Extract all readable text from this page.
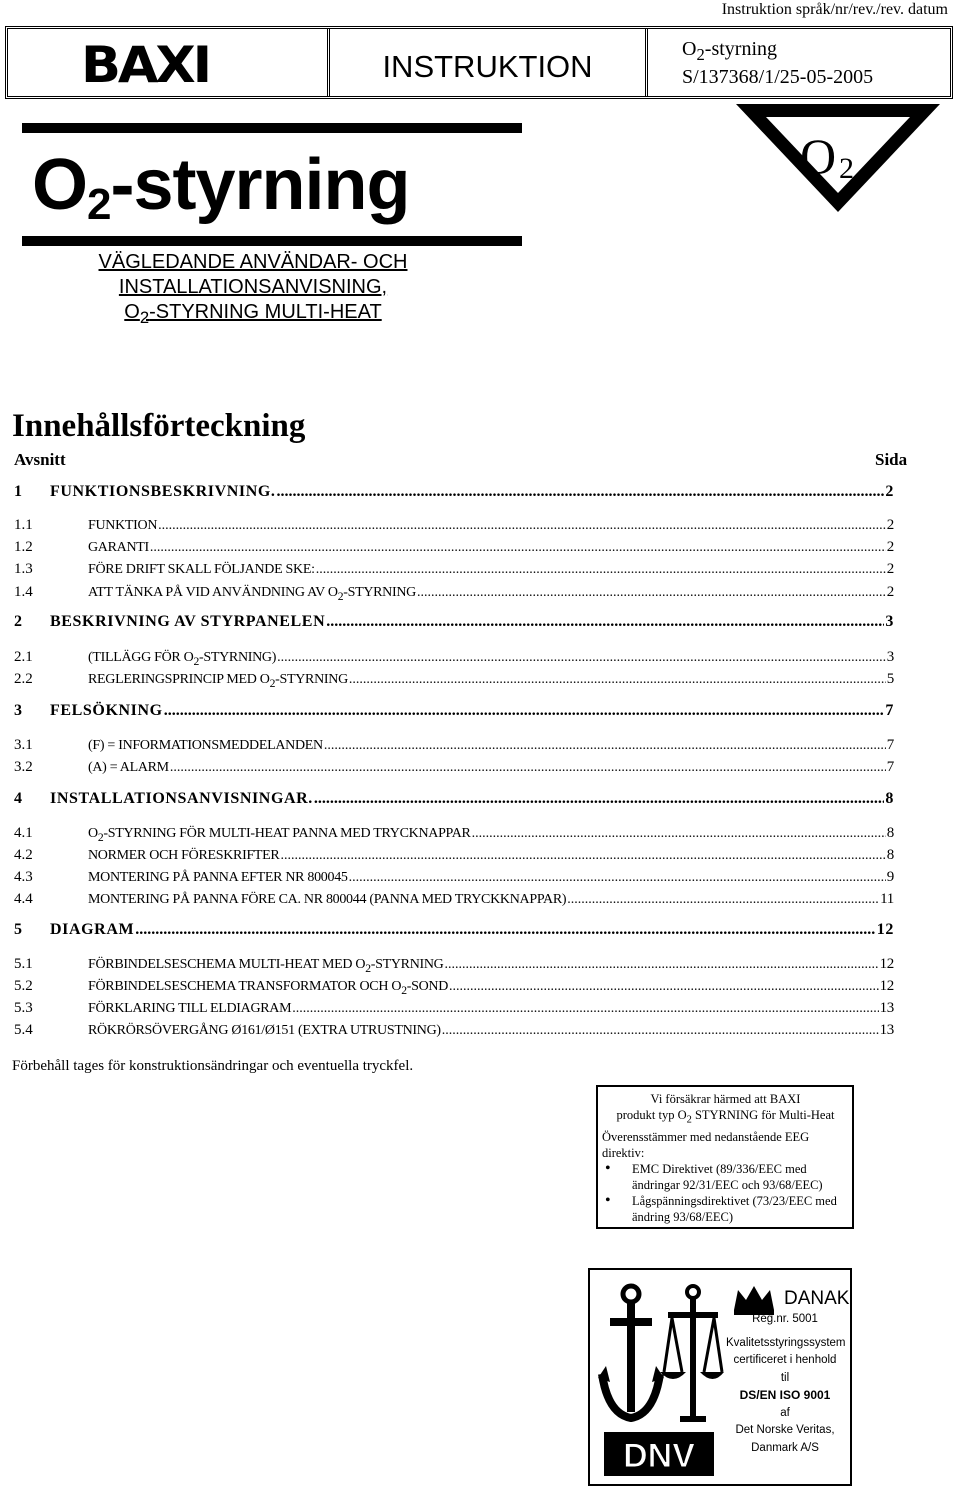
Instruktion språk/nr/rev./rev. datum
BAXI	INSTRUKTION	$O_2$-styrning
S/137368/1/25-05-2005
$O_2$-styrning
VÄGLEDANDE ANVÄNDAR- OCH
INSTALLATIONSANVISNING,
$O_2$-STYRNING MULTI-HEAT
O 2
Innehållsförteckning
Avsnitt	Sida
1	FUNKTIONSBESKRIVNING. .....	2
1.1	FUNKTION .....	2
1.2	GARANTI .....	2
1.3	FÖRE DRIFT SKALL FÖLJANDE SKE: .....	2
1.4	ATT TÄNKA PÅ VID ANVÄNDNING AV $O_2$-STYRNING .....	2
2	BESKRIVNING AV STYRPANELEN .....	3
2.1	(TILLÄGG FÖR $O_2-STYRNING$) .....	3
2.2	REGLERINGSPRINCIP MED $O_2$-STYRNING .....	5
3	FELSÖKNING .....	7
3.1	(F) = INFORMATIONSMEDDELANDEN .....	7
3.2	(A) = ALARM .....	7
4	INSTALLATIONSANVISNINGAR. .....	8
4.1	$O_2$-STYRNING FÖR MULTI-HEAT PANNA MED TRYCKNAPPAR .....	8
4.2	NORMER OCH FÖRESKRIFTER .....	8
4.3	MONTERING PÅ PANNA EFTER NR 800045 .....	9
4.4	MONTERING PÅ PANNA FÖRE CA. NR 800044 (PANNA MED TRYCKKNAPPAR) .....	11
5	DIAGRAM .....	12
5.1	FÖRBINDELSESCHEMA MULTI-HEAT MED $O_2$-STYRNING .....	12
5.2	FÖRBINDELSESCHEMA TRANSFORMATOR OCH $O_2$-SOND .....	12
5.3	FÖRKLARING TILL ELDIAGRAM .....	13
5.4	RÖKRÖRSÖVERGÅNG Ø161/Ø151 (EXTRA UTRUSTNING) .....	13
Förbehåll tages för konstruktionsändringar och eventuella tryckfel.
Vi försäkrar härmed att BAXI
produkt typ $O_2$ STYRNING för Multi-Heat
Överensstämmer med nedanstående EEG
direktiv:
• EMC Direktivet (89/336/EEC med ändringar 92/31/EEC och 93/68/EEC)
• Lågspänningsdirektivet (73/23/EEC med ändring 93/68/EEC)
DANAK
Reg.nr. 5001
Kvalitetsstyringssystem
certificeret i henhold
til
DS/EN ISO 9001
af
Det Norske Veritas,
Danmark A/S
DNV
